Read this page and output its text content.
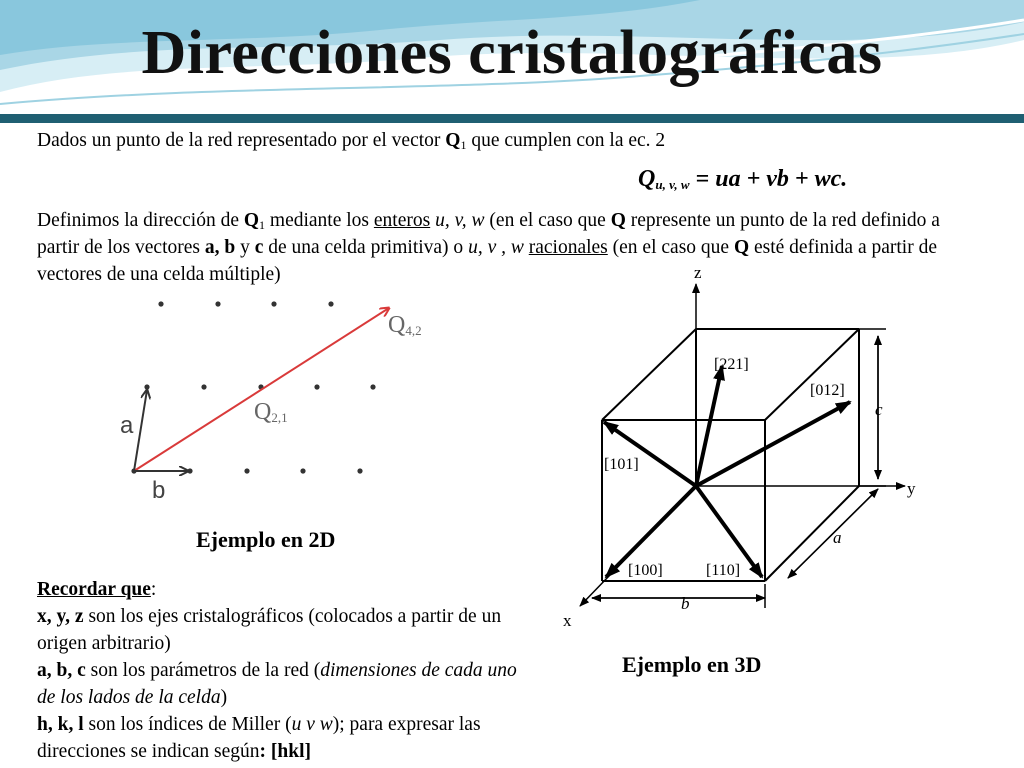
Direcciones cristalográficas
Dados un punto de la red representado por el vector $Q_1$ que cumplen con la ec. 2
$Q_{u, v, w}$ = ua + vb + wc.
Definimos la dirección de $Q_1$ mediante los enteros u, v, w (en el caso que Q represente un punto de la red definido a partir de los vectores a, b y c de una celda primitiva) o u, v , w racionales (en el caso que Q esté definida a partir de vectores de una celda múltiple)
$Q_{4,2}$
$Q_{2,1}$
a
b
Ejemplo en 2D
z
y
x
[221]
[012]
[101]
[100]	[110]
c
a
b
Ejemplo en 3D
Recordar que:
x, y, z son los ejes cristalográficos (colocados a partir de un origen arbitrario)
a, b, c son los parámetros de la red (dimensiones de cada uno de los lados de la celda)
h, k, l son los índices de Miller (u v w); para expresar las direcciones se indican según: [hkl]
